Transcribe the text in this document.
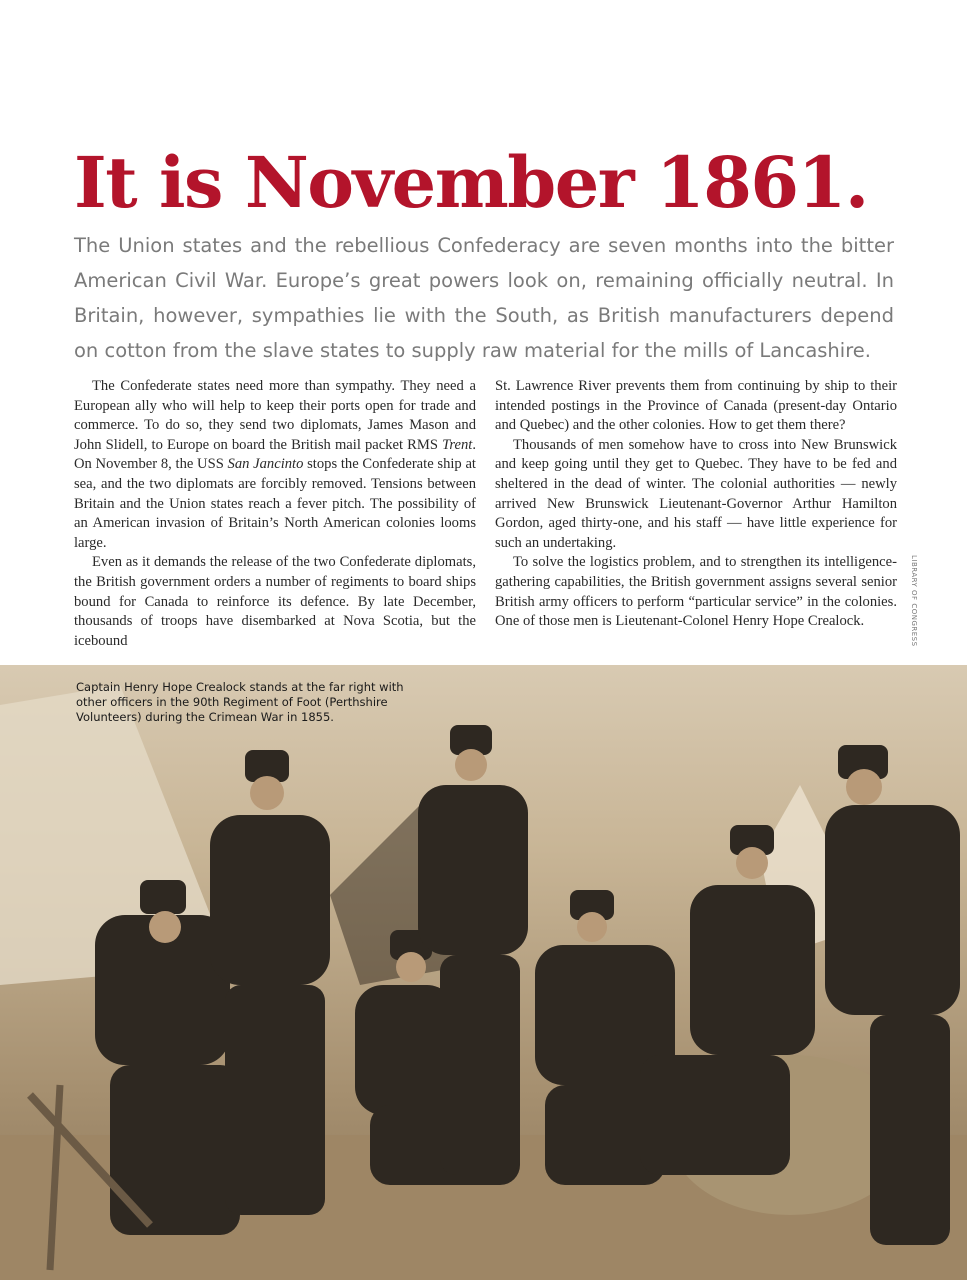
It is November 1861.

The Union states and the rebellious Confederacy are seven months into the bitter American Civil War. Europe’s great powers look on, remaining officially neutral. In Britain, however, sympathies lie with the South, as British manufacturers depend on cotton from the slave states to supply raw material for the mills of Lancashire.

The Confederate states need more than sympathy. They need a European ally who will help to keep their ports open for trade and commerce. To do so, they send two diplomats, James Mason and John Slidell, to Europe on board the British mail packet RMS Trent. On November 8, the USS San Jancinto stops the Confederate ship at sea, and the two diplomats are forcibly removed. Tensions between Britain and the Union states reach a fever pitch. The possibility of an American invasion of Britain’s North American colonies looms large.

Even as it demands the release of the two Confederate diplomats, the British government orders a number of regiments to board ships bound for Canada to reinforce its defence. By late December, thousands of troops have disembarked at Nova Scotia, but the icebound

St. Lawrence River prevents them from continuing by ship to their intended postings in the Province of Canada (present-day Ontario and Quebec) and the other colonies. How to get them there?

Thousands of men somehow have to cross into New Brunswick and keep going until they get to Quebec. They have to be fed and sheltered in the dead of winter. The colonial authorities — newly arrived New Brunswick Lieutenant-Governor Arthur Hamilton Gordon, aged thirty-one, and his staff — have little experience for such an undertaking.

To solve the logistics problem, and to strengthen its intelligence-gathering capabilities, the British government assigns several senior British army officers to perform “particular service” in the colonies. One of those men is Lieutenant-Colonel Henry Hope Crealock.	LIBRARY OF CONGRESS

Captain Henry Hope Crealock stands at the far right with other officers in the 90th Regiment of Foot (Perthshire Volunteers) during the Crimean War in 1855.
